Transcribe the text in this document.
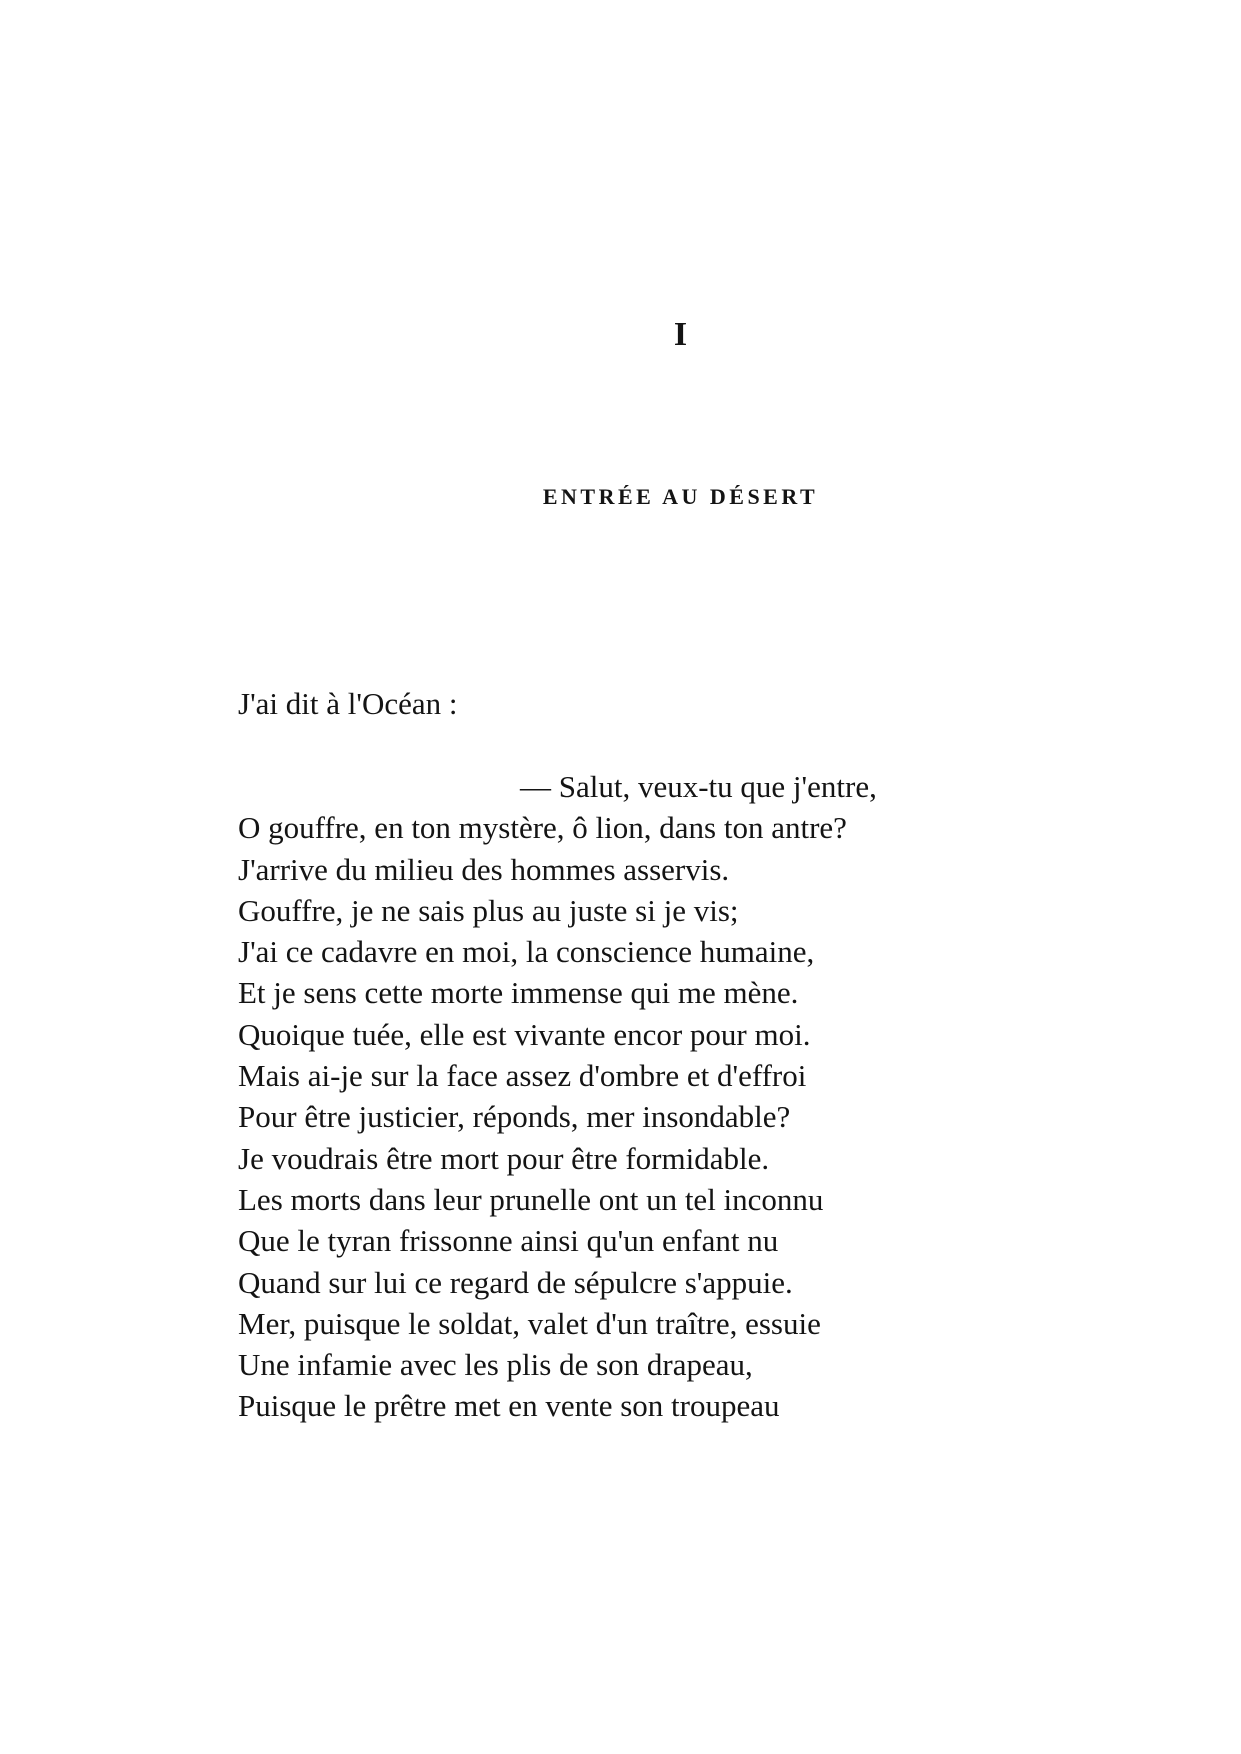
I
ENTRÉE AU DÉSERT
J'ai dit à l'Océan :
— Salut, veux-tu que j'entre,
O gouffre, en ton mystère, ô lion, dans ton antre?
J'arrive du milieu des hommes asservis.
Gouffre, je ne sais plus au juste si je vis;
J'ai ce cadavre en moi, la conscience humaine,
Et je sens cette morte immense qui me mène.
Quoique tuée, elle est vivante encor pour moi.
Mais ai-je sur la face assez d'ombre et d'effroi
Pour être justicier, réponds, mer insondable?
Je voudrais être mort pour être formidable.
Les morts dans leur prunelle ont un tel inconnu
Que le tyran frissonne ainsi qu'un enfant nu
Quand sur lui ce regard de sépulcre s'appuie.
Mer, puisque le soldat, valet d'un traître, essuie
Une infamie avec les plis de son drapeau,
Puisque le prêtre met en vente son troupeau
